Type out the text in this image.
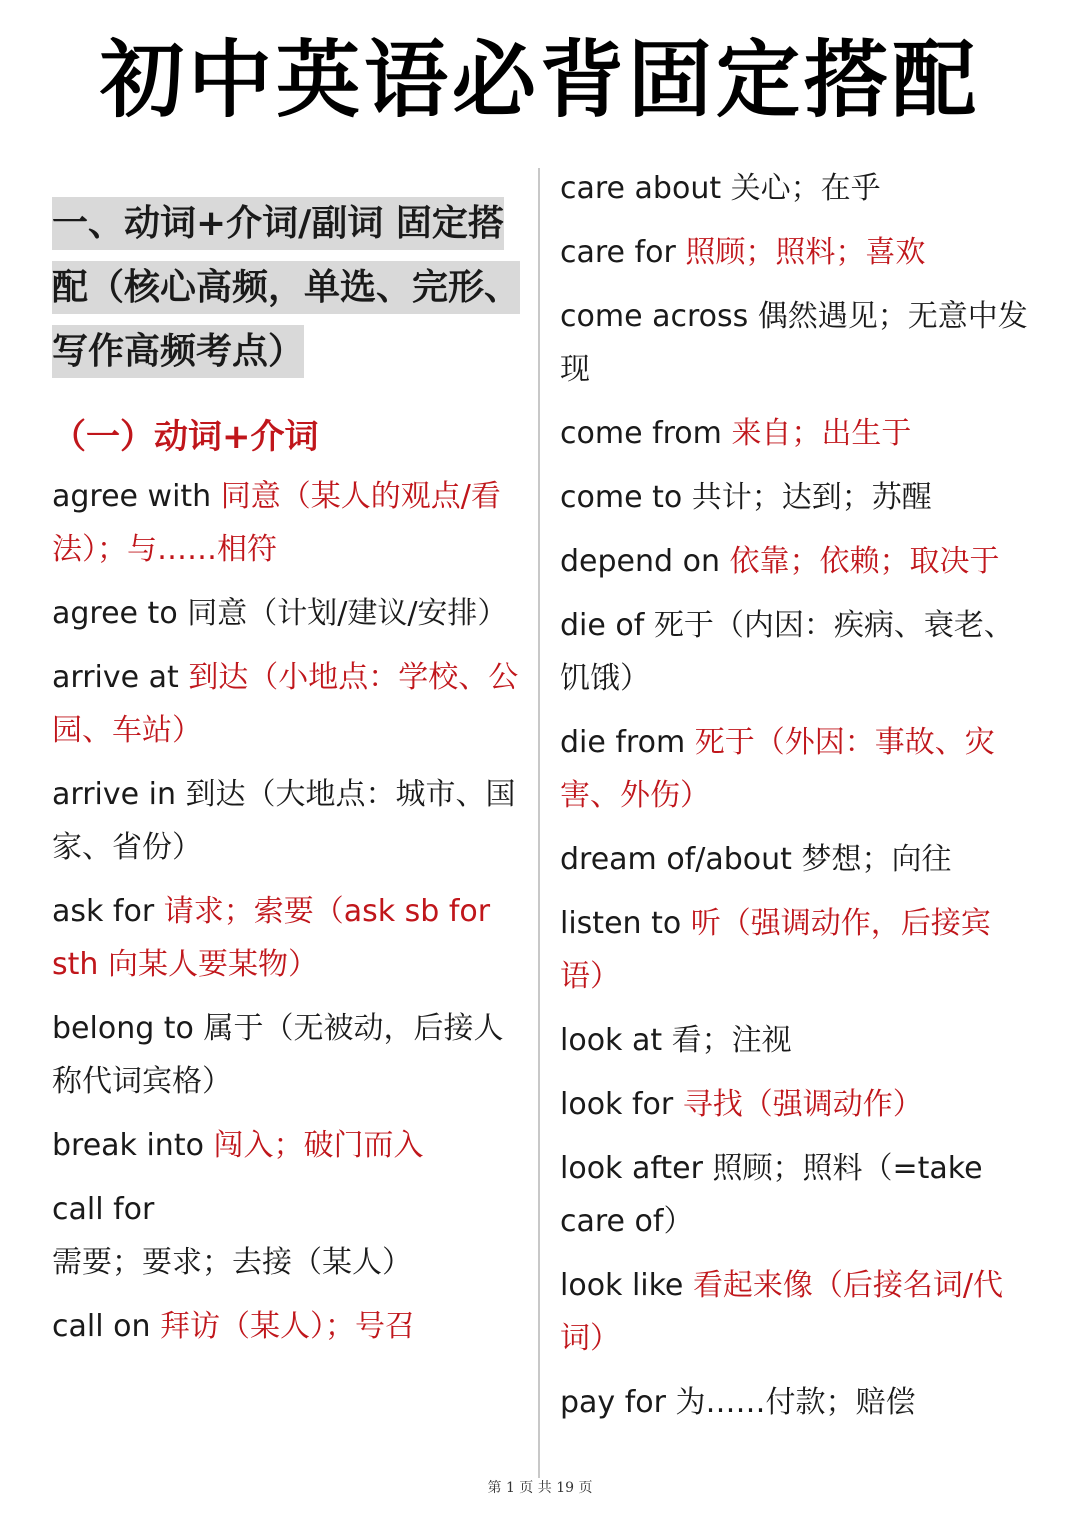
初中英语必背固定搭配
一、动词+介词/副词 固定搭配（核心高频，单选、完形、写作高频考点）
（一）动词+介词
agree with 同意（某人的观点/看法）；与……相符
agree to 同意（计划/建议/安排）
arrive at 到达（小地点：学校、公园、车站）
arrive in 到达（大地点：城市、国家、省份）
ask for 请求；索要（ask sb for sth 向某人要某物）
belong to 属于（无被动，后接人称代词宾格）
break into 闯入；破门而入
call for 需要；要求；去接（某人）
call on 拜访（某人）；号召
care about 关心；在乎
care for 照顾；照料；喜欢
come across 偶然遇见；无意中发现
come from 来自；出生于
come to 共计；达到；苏醒
depend on 依靠；依赖；取决于
die of 死于（内因：疾病、衰老、饥饿）
die from 死于（外因：事故、灾害、外伤）
dream of/about 梦想；向往
listen to 听（强调动作，后接宾语）
look at 看；注视
look for 寻找（强调动作）
look after 照顾；照料（=take care of）
look like 看起来像（后接名词/代词）
pay for 为……付款；赔偿
第 1 页 共 19 页
